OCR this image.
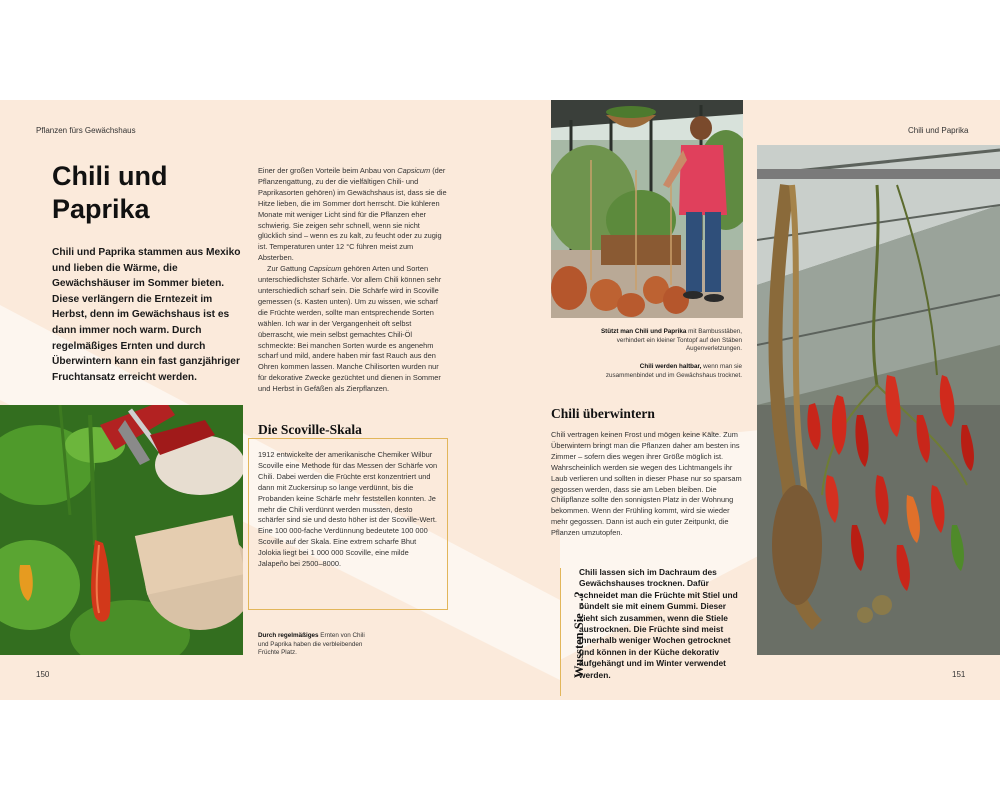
Pflanzen fürs Gewächshaus
Chili und
Paprika

Chili und Paprika stammen aus Mexiko und lieben die Wärme, die Gewächshäuser im Sommer bieten. Diese verlängern die Erntezeit im Herbst, denn im Gewächshaus ist es dann immer noch warm. Durch regelmäßiges Ernten und durch Überwintern kann ein fast ganzjähriger Fruchtansatz erreicht werden.

Einer der großen Vorteile beim Anbau von Capsicum (der Pflanzengattung, zu der die vielfältigen Chili- und Paprikasorten gehören) im Gewächshaus ist, dass sie die Hitze lieben, die im Sommer dort herrscht. Die kühleren Monate mit weniger Licht sind für die Pflanzen eher schwierig. Sie zeigen sehr schnell, wenn sie nicht glücklich sind – wenn es zu kalt, zu feucht oder zu zugig ist. Temperaturen unter 12 °C führen meist zum Absterben.

Zur Gattung Capsicum gehören Arten und Sorten unterschiedlichster Schärfe. Vor allem Chili können sehr unterschiedlich scharf sein. Die Schärfe wird in Scoville gemessen (s. Kasten unten). Um zu wissen, wie scharf die Früchte werden, sollte man entsprechende Sorten wählen. Ich war in der Vergangenheit oft selbst überrascht, wie mein selbst gemachtes Chili-Öl schmeckte: Bei manchen Sorten wurde es angenehm scharf und mild, andere haben mir fast Rauch aus den Ohren kommen lassen. Manche Chilisorten wurden nur für dekorative Zwecke gezüchtet und dienen in Sommer und Herbst in Gefäßen als Zierpflanzen.

Die Scoville-Skala

1912 entwickelte der amerikanische Chemiker Wilbur Scoville eine Methode für das Messen der Schärfe von Chili. Dabei werden die Früchte erst konzentriert und dann mit Zuckersirup so lange verdünnt, bis die Probanden keine Schärfe mehr feststellen konnten. Je mehr die Chili verdünnt werden mussten, desto schärfer sind sie und desto höher ist der Scoville-Wert. Eine 100 000-fache Verdünnung bedeutete 100 000 Scoville auf der Skala. Eine extrem scharfe Bhut Jolokia liegt bei 1 000 000 Scoville, eine milde Jalapeño bei 2500–8000.

Durch regelmäßiges Ernten von Chili und Paprika haben die verbleibenden Früchte Platz.

150
Chili und Paprika

Stützt man Chili und Paprika mit Bambusstäben, verhindert ein kleiner Tontopf auf den Stäben Augenverletzungen.

Chili werden haltbar, wenn man sie zusammenbindet und im Gewächshaus trocknet.

Chili überwintern

Chili vertragen keinen Frost und mögen keine Kälte. Zum Überwintern bringt man die Pflanzen daher am besten ins Zimmer – sofern dies wegen ihrer Größe möglich ist. Wahrscheinlich werden sie wegen des Lichtmangels ihr Laub verlieren und sollten in dieser Phase nur so sparsam gegossen werden, dass sie am Leben bleiben. Die Chilipflanze sollte den sonnigsten Platz in der Wohnung bekommen. Wenn der Frühling kommt, wird sie wieder mehr gegossen. Dann ist auch ein guter Zeitpunkt, die Pflanzen umzutopfen.

Wussten Sie …?

Chili lassen sich im Dachraum des Gewächshauses trocknen. Dafür schneidet man die Früchte mit Stiel und bündelt sie mit einem Gummi. Dieser zieht sich zusammen, wenn die Stiele austrocknen. Die Früchte sind meist innerhalb weniger Wochen getrocknet und können in der Küche dekorativ aufgehängt und im Winter verwendet werden.	151
